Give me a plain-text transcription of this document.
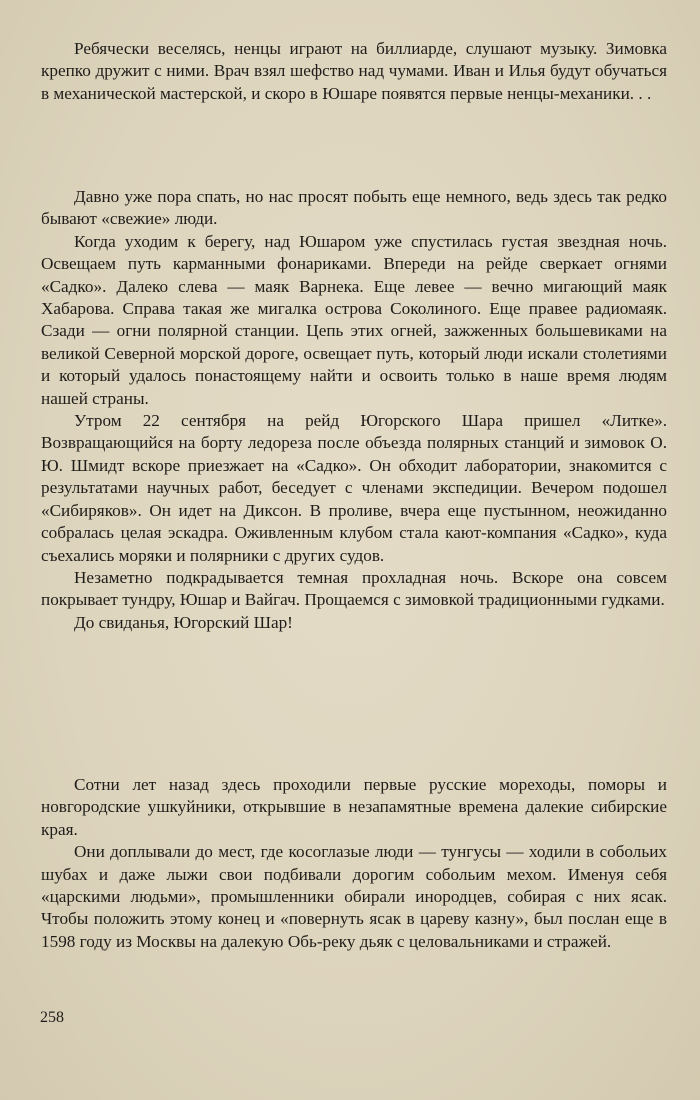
Ребячески веселясь, ненцы играют на биллиарде, слушают музыку. Зимовка крепко дружит с ними. Врач взял шефство над чумами. Иван и Илья будут обучаться в механической мастерской, и скоро в Юшаре появятся первые ненцы-механики. . .

Давно уже пора спать, но нас просят побыть еще немного, ведь здесь так редко бывают «свежие» люди.

Когда уходим к берегу, над Юшаром уже спустилась густая звездная ночь. Освещаем путь карманными фонариками. Впереди на рейде сверкает огнями «Садко». Далеко слева — маяк Варнека. Еще левее — вечно мигающий маяк Хабарова. Справа такая же мигалка острова Соколиного. Еще правее радиомаяк. Сзади — огни полярной станции. Цепь этих огней, зажженных большевиками на великой Северной морской дороге, освещает путь, который люди искали столетиями и который удалось понастоящему найти и освоить только в наше время людям нашей страны.

Утром 22 сентября на рейд Югорского Шара пришел «Литке». Возвращающийся на борту ледореза после объезда полярных станций и зимовок О. Ю. Шмидт вскоре приезжает на «Садко». Он обходит лаборатории, знакомится с результатами научных работ, беседует с членами экспедиции. Вечером подошел «Сибиряков». Он идет на Диксон. В проливе, вчера еще пустынном, неожиданно собралась целая эскадра. Оживленным клубом стала кают-компания «Садко», куда съехались моряки и полярники с других судов.

Незаметно подкрадывается темная прохладная ночь. Вскоре она совсем покрывает тундру, Юшар и Вайгач. Прощаемся с зимовкой традиционными гудками.

До свиданья, Югорский Шар!

Сотни лет назад здесь проходили первые русские мореходы, поморы и новгородские ушкуйники, открывшие в незапамятные времена далекие сибирские края.

Они доплывали до мест, где косоглазые люди — тунгусы — ходили в собольих шубах и даже лыжи свои подбивали дорогим собольим мехом. Именуя себя «царскими людьми», промышленники обирали инородцев, собирая с них ясак. Чтобы положить этому конец и «повернуть ясак в цареву казну», был послан еще в 1598 году из Москвы на далекую Обь-реку дьяк с целовальниками и стражей.

258
